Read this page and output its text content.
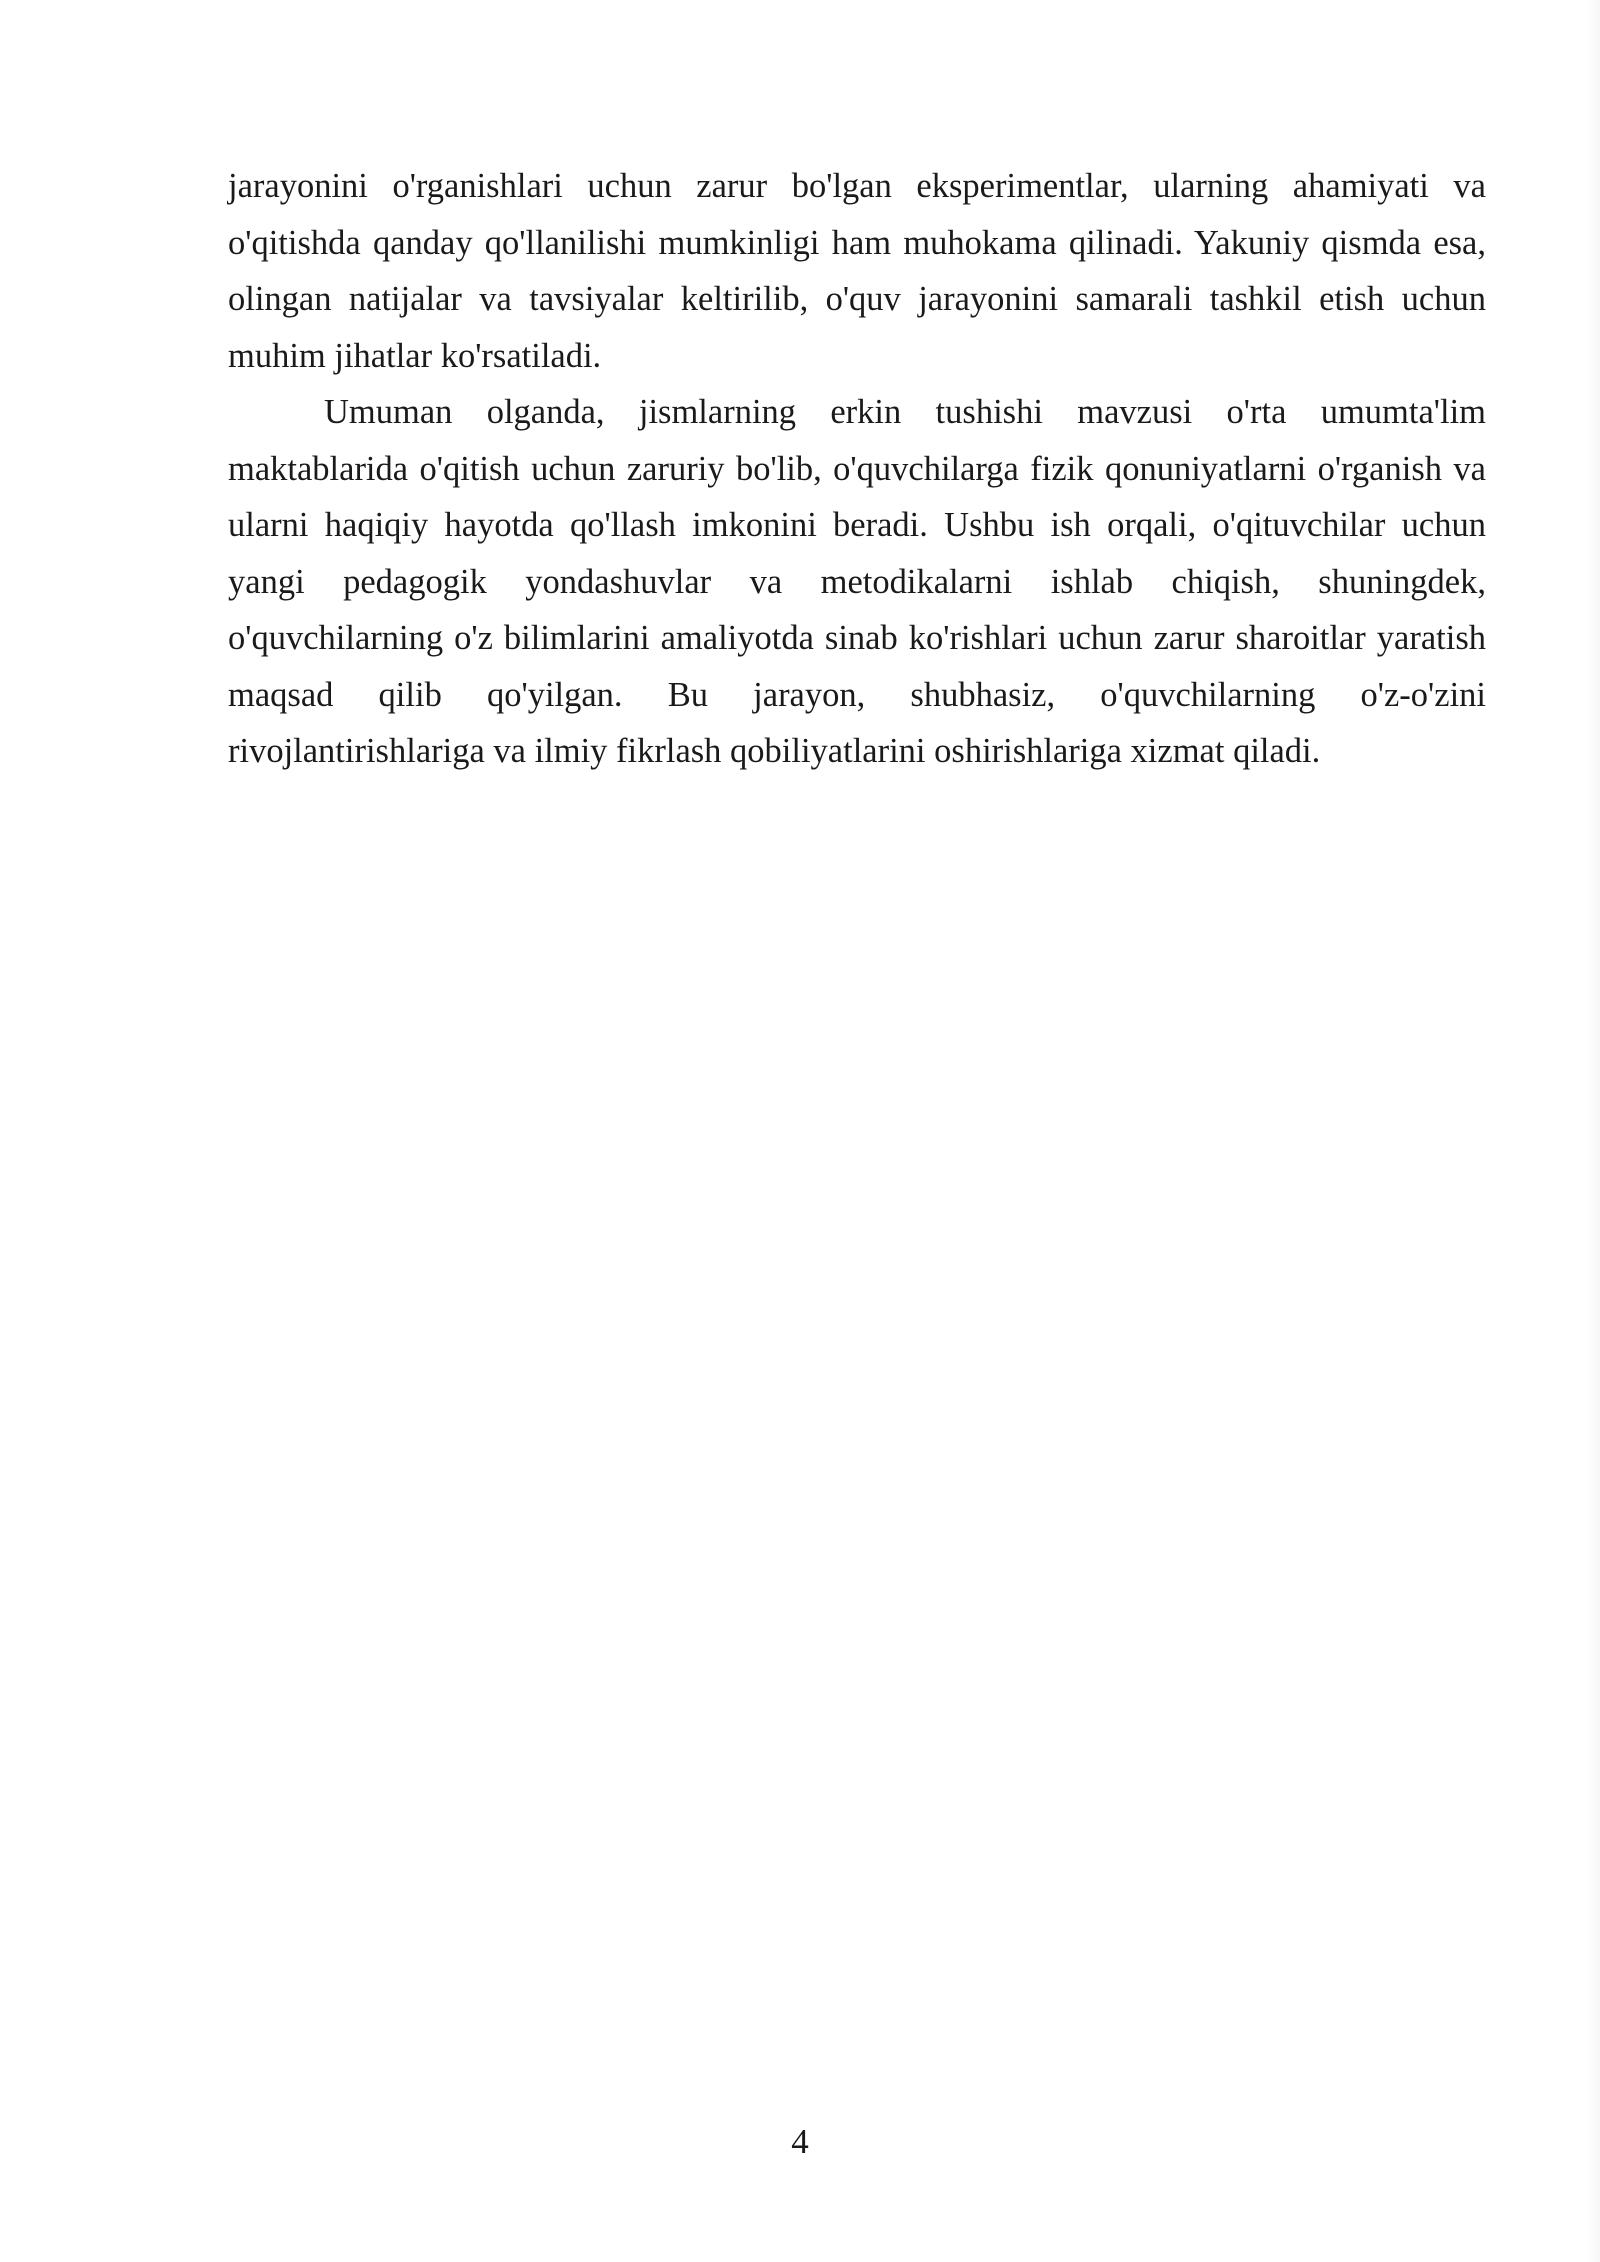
jarayonini o'rganishlari uchun zarur bo'lgan eksperimentlar, ularning ahamiyati va o'qitishda qanday qo'llanilishi mumkinligi ham muhokama qilinadi. Yakuniy qismda esa, olingan natijalar va tavsiyalar keltirilib, o'quv jarayonini samarali tashkil etish uchun muhim jihatlar ko'rsatiladi.

Umuman olganda, jismlarning erkin tushishi mavzusi o'rta umumta'lim maktablarida o'qitish uchun zaruriy bo'lib, o'quvchilarga fizik qonuniyatlarni o'rganish va ularni haqiqiy hayotda qo'llash imkonini beradi. Ushbu ish orqali, o'qituvchilar uchun yangi pedagogik yondashuvlar va metodikalarni ishlab chiqish, shuningdek, o'quvchilarning o'z bilimlarini amaliyotda sinab ko'rishlari uchun zarur sharoitlar yaratish maqsad qilib qo'yilgan. Bu jarayon, shubhasiz, o'quvchilarning o'z-o'zini rivojlantirishlariga va ilmiy fikrlash qobiliyatlarini oshirishlariga xizmat qiladi.

4
